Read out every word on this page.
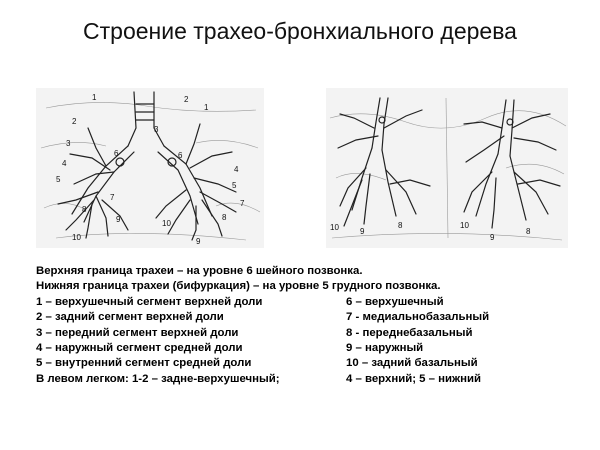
Строение трахео-бронхиального дерева
1
2
3
4
5
6
7
8
9
10
3
2
1
4
5
6
7
8
9
10	10	9
8	10
9
8
Верхняя граница трахеи – на уровне 6 шейного позвонка.
Нижняя граница трахеи (бифуркация) – на уровне 5 грудного позвонка.
1 – верхушечный сегмент верхней доли	6 – верхушечный
2 – задний сегмент верхней доли	7 - медиальнобазальный
3 – передний сегмент верхней доли	8 - переднебазальный
4 – наружный сегмент средней доли	9 – наружный
5 – внутренний сегмент средней доли	10 – задний базальный
В левом легком: 1-2 – задне-верхушечный;	4 – верхний; 5 – нижний
